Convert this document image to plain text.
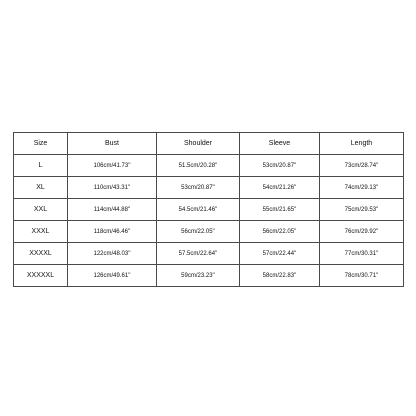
Size	Bust	Shoulder	Sleeve	Length
L	106cm/41.73''	51.5cm/20.28''	53cm/20.87''	73cm/28.74''
XL	110cm/43.31''	53cm/20.87''	54cm/21.26''	74cm/29.13''
XXL	114cm/44.88''	54.5cm/21.46''	55cm/21.65''	75cm/29.53''
XXXL	118cm/46.46''	56cm/22.05''	56cm/22.05''	76cm/29.92''
XXXXL	122cm/48.03''	57.5cm/22.64''	57cm/22.44''	77cm/30.31''
XXXXXL	126cm/49.61''	59cm/23.23''	58cm/22.83''	78cm/30.71''
